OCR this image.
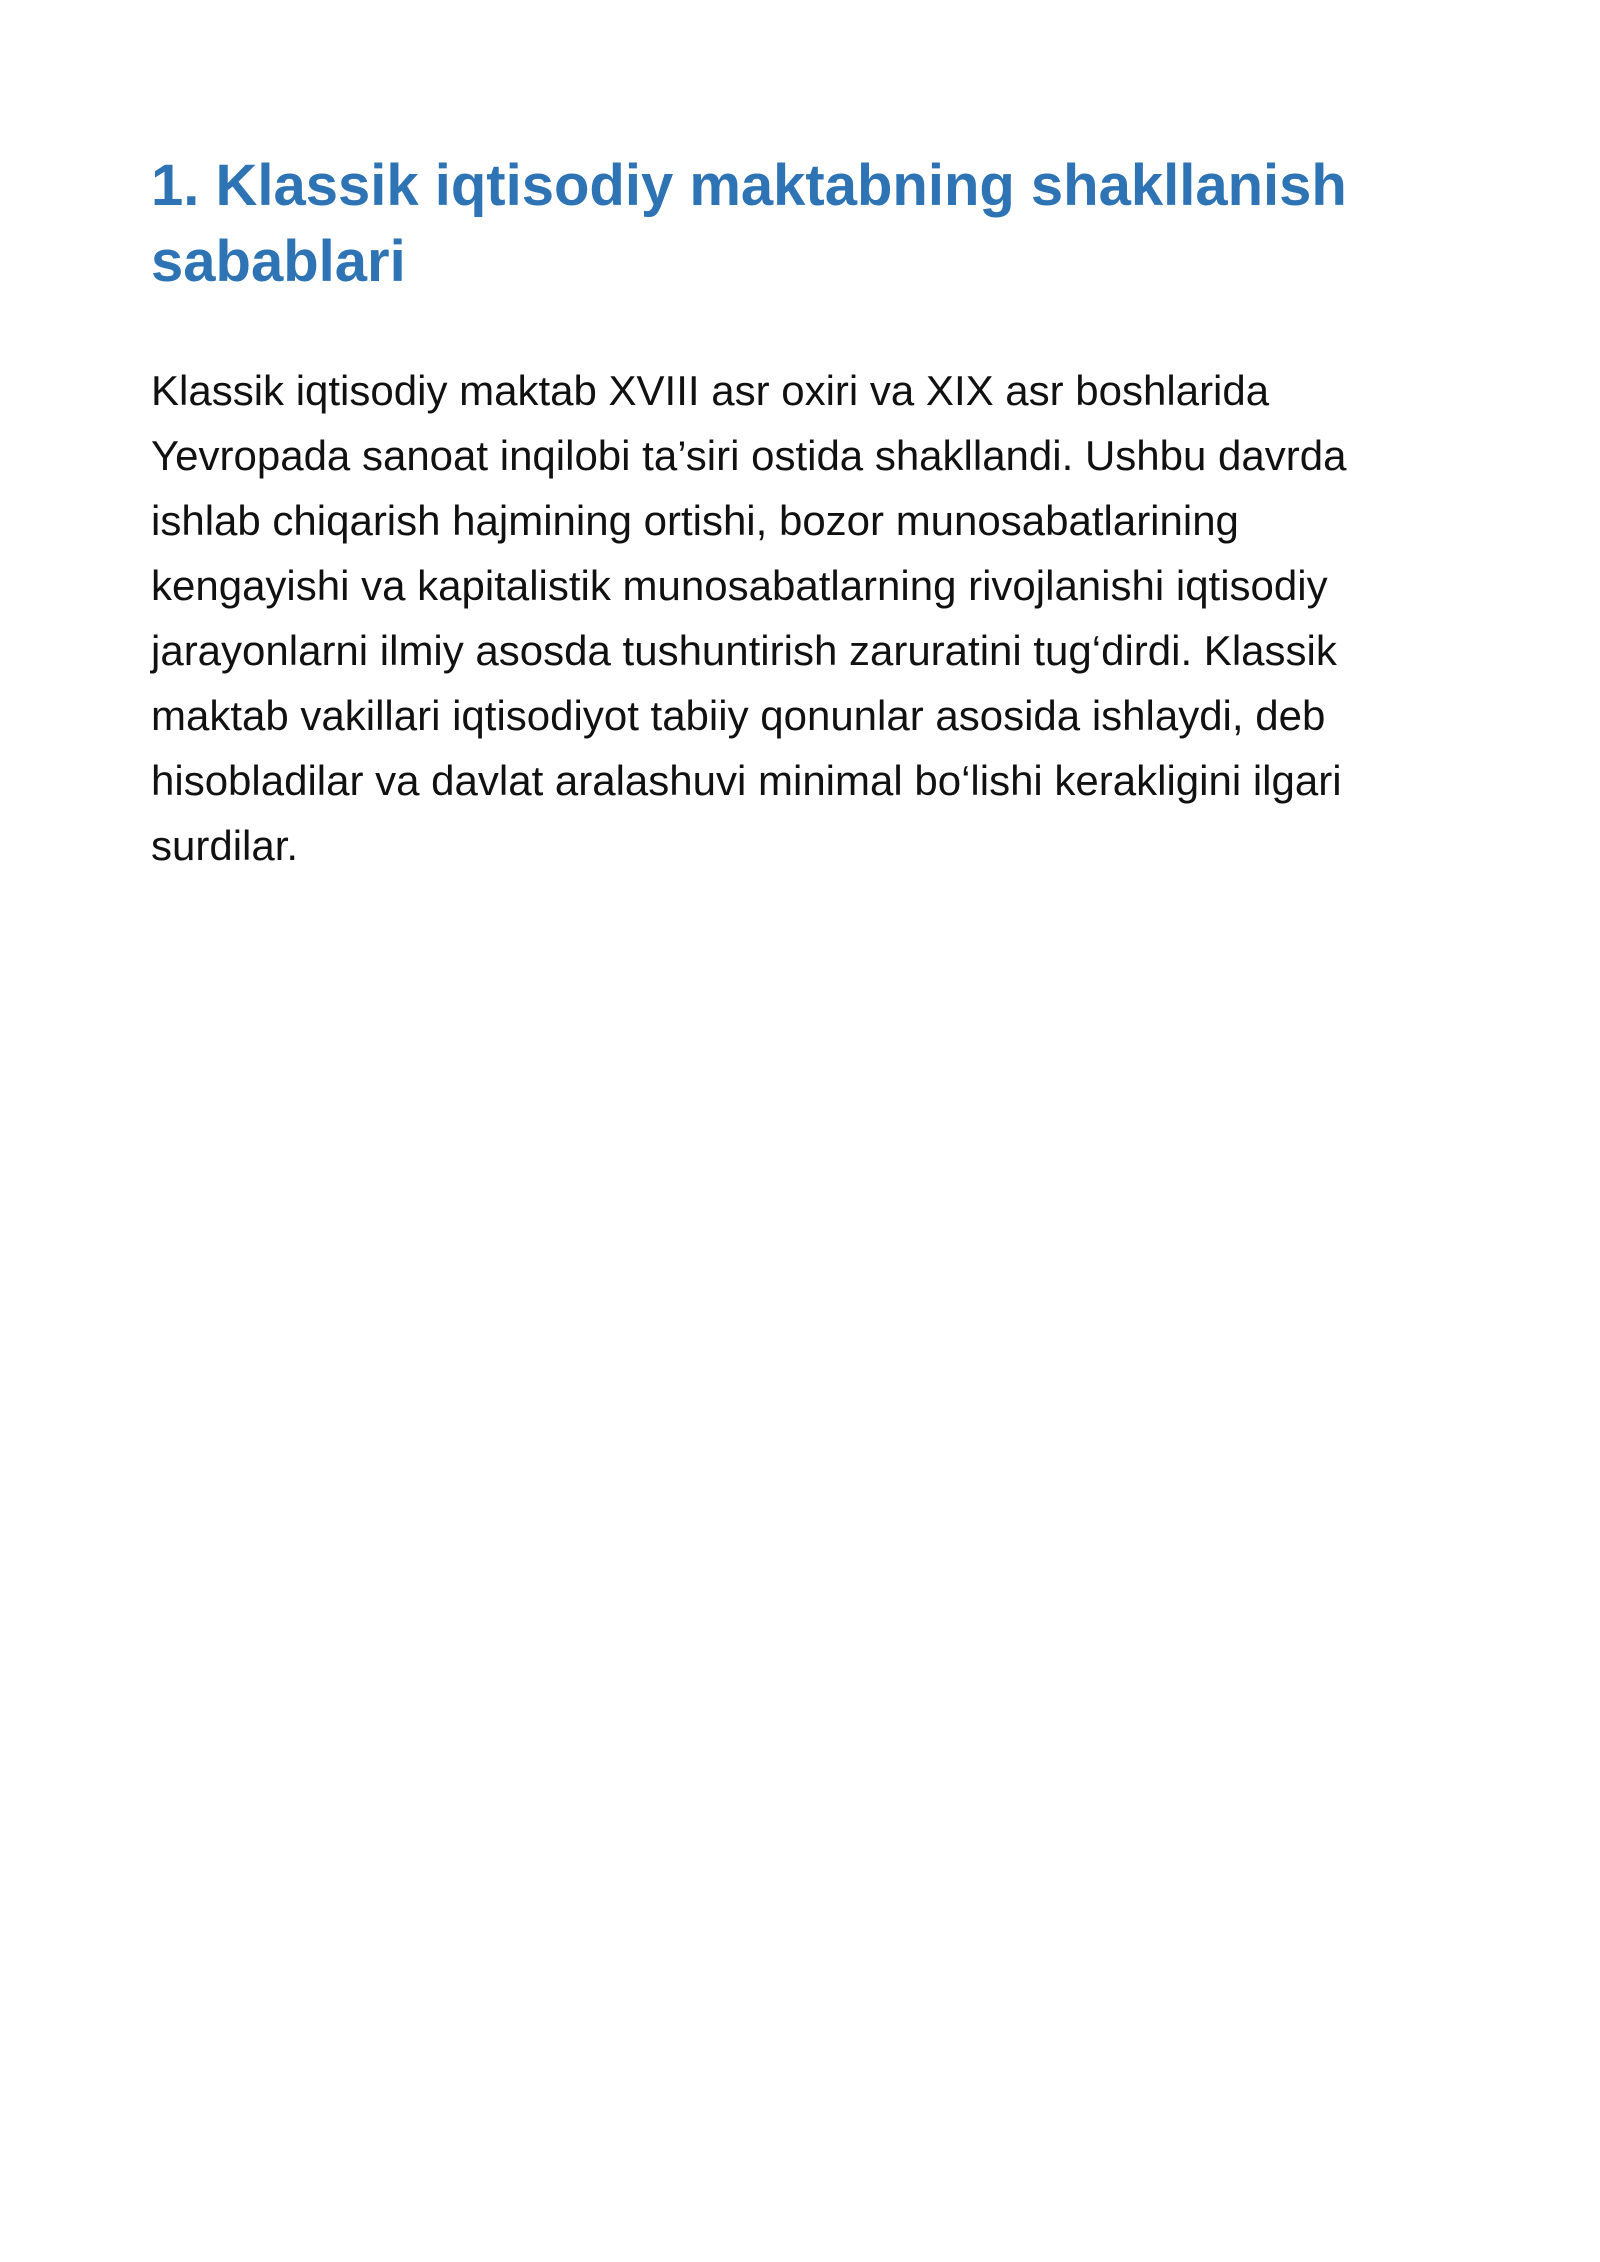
1. Klassik iqtisodiy maktabning shakllanish
sabablari

Klassik iqtisodiy maktab XVIII asr oxiri va XIX asr boshlarida
Yevropada sanoat inqilobi ta’siri ostida shakllandi. Ushbu davrda
ishlab chiqarish hajmining ortishi, bozor munosabatlarining
kengayishi va kapitalistik munosabatlarning rivojlanishi iqtisodiy
jarayonlarni ilmiy asosda tushuntirish zaruratini tug‘dirdi. Klassik
maktab vakillari iqtisodiyot tabiiy qonunlar asosida ishlaydi, deb
hisobladilar va davlat aralashuvi minimal bo‘lishi kerakligini ilgari
surdilar.
